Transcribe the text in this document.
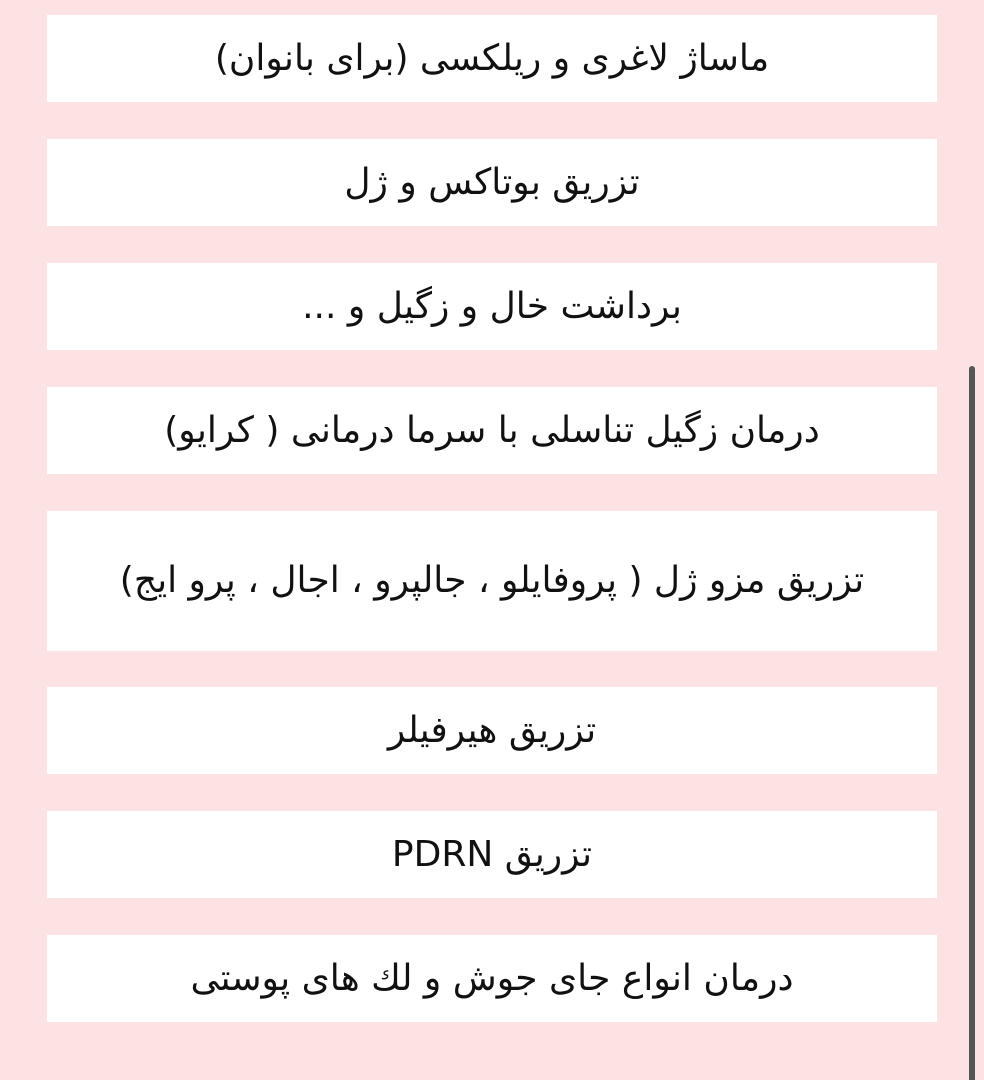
ماساژ لاغری و ریلکسی (برای بانوان)
تزریق بوتاکس و ژل
برداشت خال و زگیل و ...
درمان زگیل تناسلی با سرما درمانی ( کرایو)
تزریق مزو ژل ( پروفایلو ، جالپرو ، اجال ، پرو ایج)
تزریق هیرفیلر
تزریق PDRN
درمان انواع جای جوش و لك های پوستی
